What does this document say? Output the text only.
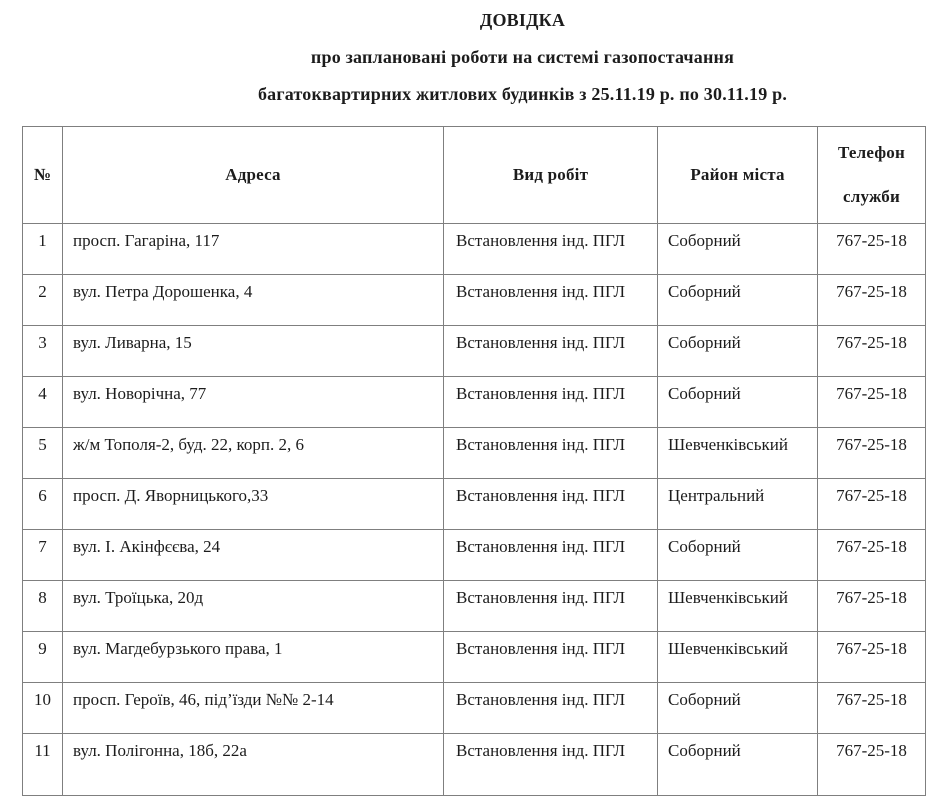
ДОВІДКА
про заплановані роботи на системі газопостачання
багатоквартирних житлових будинків з 25.11.19 р. по 30.11.19 р.
№	Адреса	Вид робіт	Район міста	Телефон
служби

1	просп. Гагаріна, 117	Встановлення інд. ПГЛ	Соборний	767-25-18
2	вул. Петра Дорошенка, 4	Встановлення інд. ПГЛ	Соборний	767-25-18
3	вул. Ливарна, 15	Встановлення інд. ПГЛ	Соборний	767-25-18
4	вул. Новорічна, 77	Встановлення інд. ПГЛ	Соборний	767-25-18
5	ж/м Тополя-2, буд. 22, корп. 2, 6	Встановлення інд. ПГЛ	Шевченківський	767-25-18
6	просп. Д. Яворницького,33	Встановлення інд. ПГЛ	Центральний	767-25-18
7	вул. І. Акінфєєва, 24	Встановлення інд. ПГЛ	Соборний	767-25-18
8	вул. Троїцька, 20д	Встановлення інд. ПГЛ	Шевченківський	767-25-18
9	вул. Магдебурзького права, 1	Встановлення інд. ПГЛ	Шевченківський	767-25-18
10	просп. Героїв, 46, під’їзди №№ 2-14	Встановлення інд. ПГЛ	Соборний	767-25-18
11	вул. Полігонна, 18б, 22а	Встановлення інд. ПГЛ	Соборний	767-25-18
